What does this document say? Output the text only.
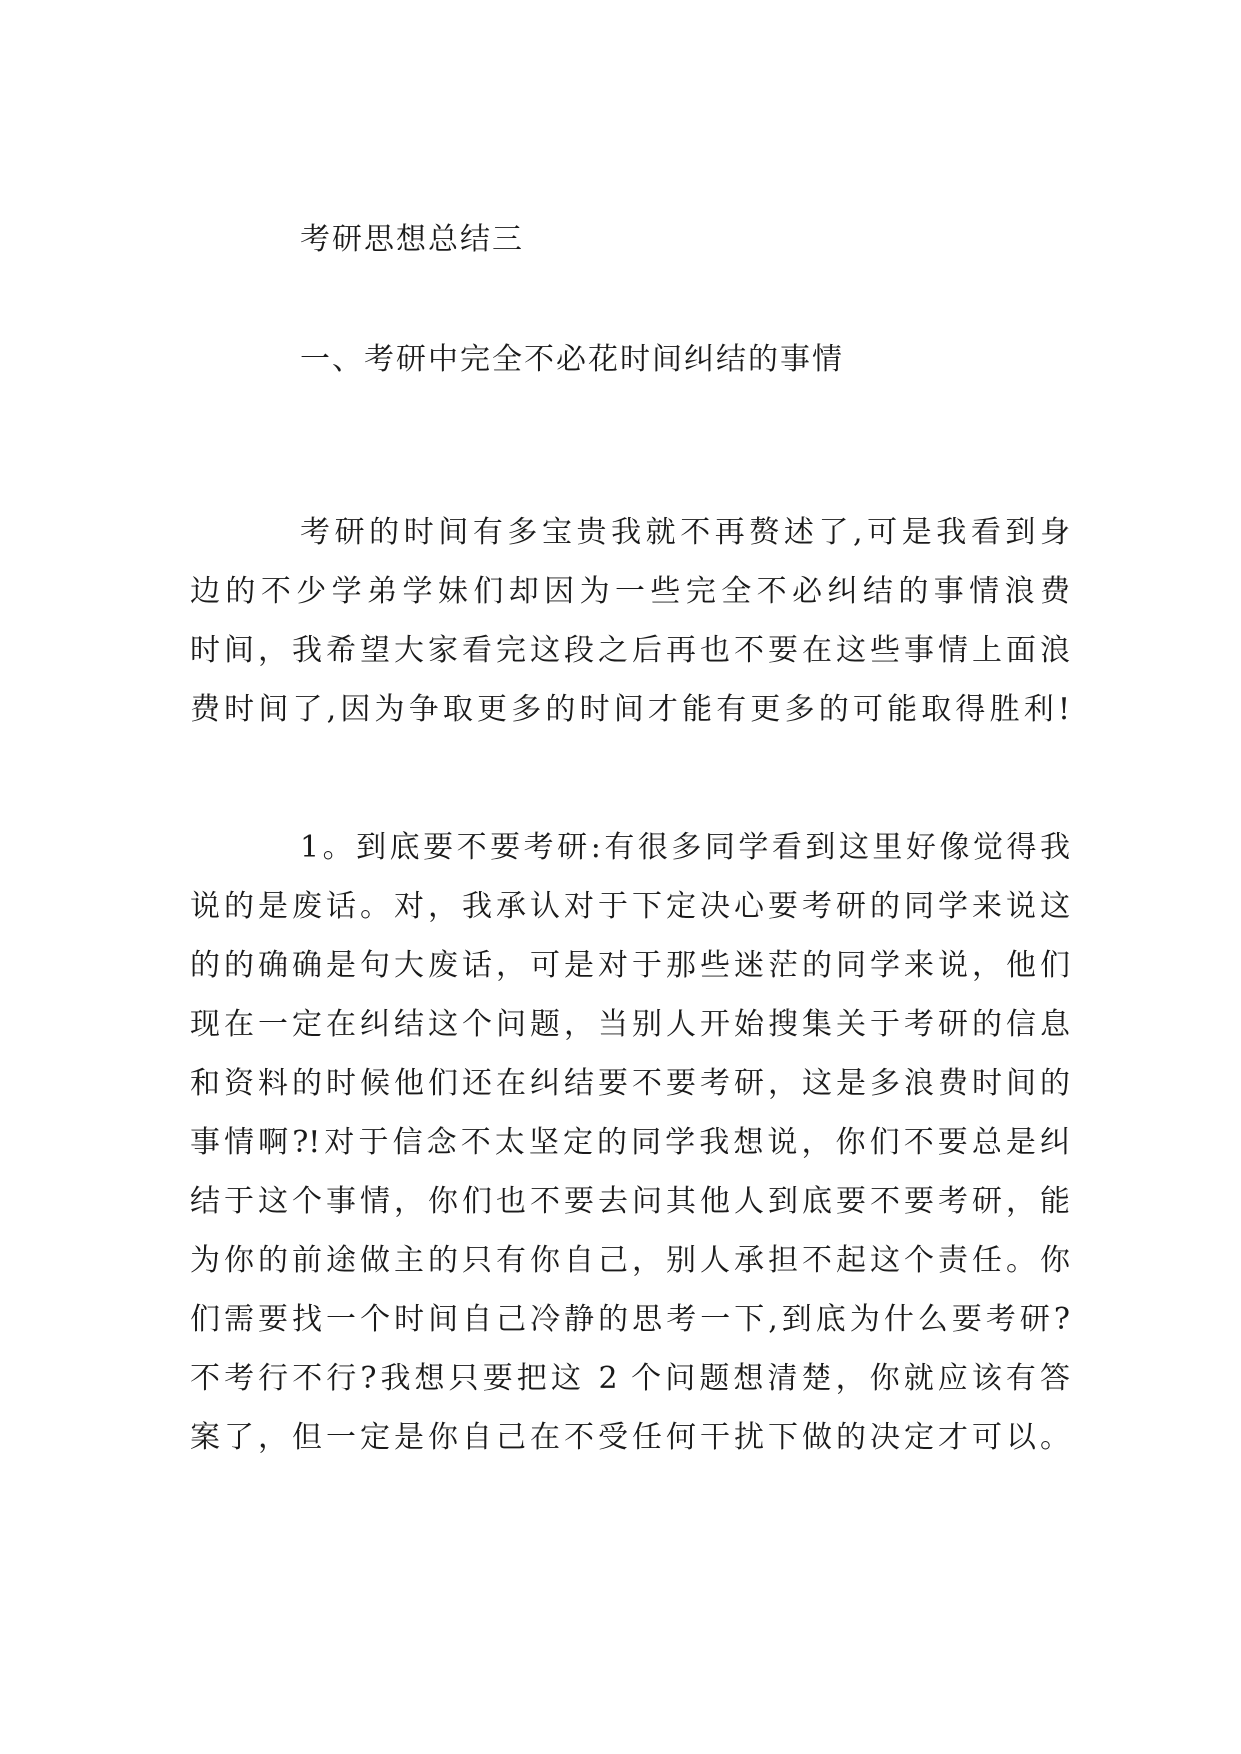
考研思想总结三
一、考研中完全不必花时间纠结的事情

考研的时间有多宝贵我就不再赘述了,可是我看到身
边的不少学弟学妹们却因为一些完全不必纠结的事情浪费
时间，我希望大家看完这段之后再也不要在这些事情上面浪
费时间了,因为争取更多的时间才能有更多的可能取得胜利!

1。到底要不要考研:有很多同学看到这里好像觉得我
说的是废话。对，我承认对于下定决心要考研的同学来说这
的的确确是句大废话，可是对于那些迷茫的同学来说，他们
现在一定在纠结这个问题，当别人开始搜集关于考研的信息
和资料的时候他们还在纠结要不要考研，这是多浪费时间的
事情啊?!对于信念不太坚定的同学我想说，你们不要总是纠
结于这个事情，你们也不要去问其他人到底要不要考研，能
为你的前途做主的只有你自己，别人承担不起这个责任。你
们需要找一个时间自己冷静的思考一下,到底为什么要考研?
不考行不行?我想只要把这 2 个问题想清楚，你就应该有答
案了，但一定是你自己在不受任何干扰下做的决定才可以。
